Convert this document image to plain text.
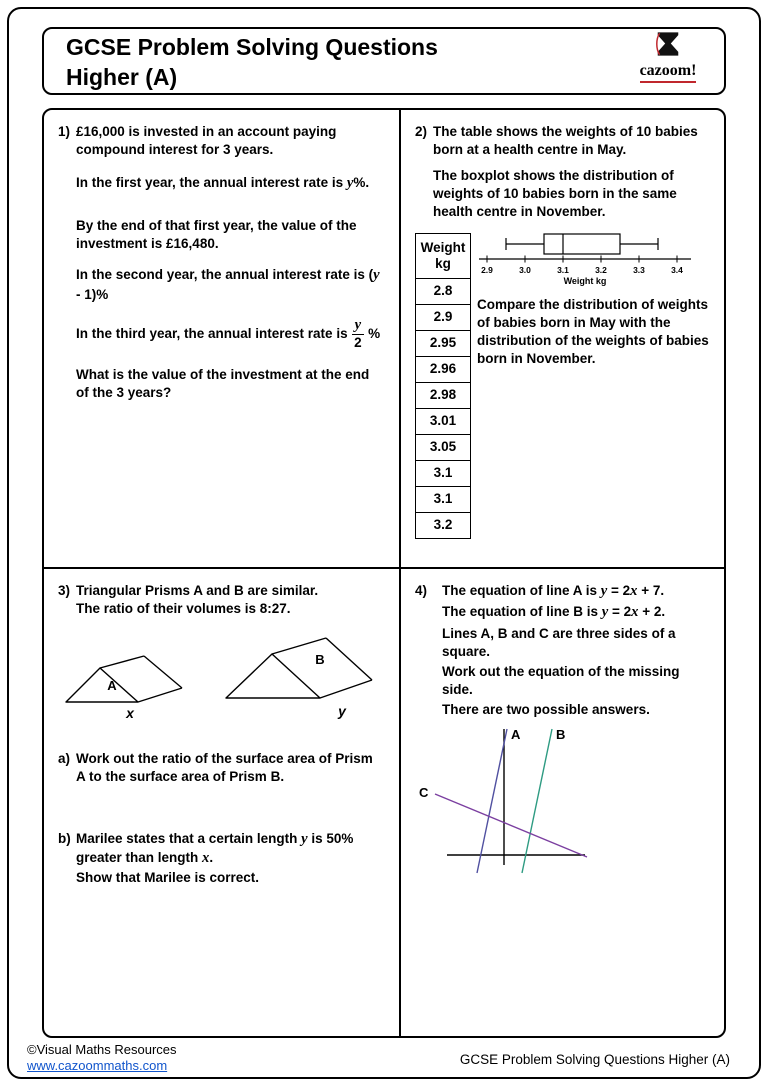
GCSE Problem Solving Questions
Higher (A)	cazoom!
1) £16,000 is invested in an account paying compound interest for 3 years.

In the first year, the annual interest rate is y%.

By the end of that first year, the value of the investment is £16,480.

In the second year, the annual interest rate is (y - 1)%

In the third year, the annual interest rate is $\frac{y}{2}$ %

What is the value of the investment at the end of the 3 years?

2) The table shows the weights of 10 babies born at a health centre in May.

The boxplot shows the distribution of weights of 10 babies born in the same health centre in November.

Weight kg
2.8
2.9
2.95
2.96
2.98
3.01
3.05
3.1
3.1
3.2
2.9	3.0	3.1	3.2	3.3	3.4
Weight kg

Compare the distribution of weights of babies born in May with the distribution of the weights of babies born in November.

3) Triangular Prisms A and B are similar.

The ratio of their volumes is 8:27.

A
x
B
y
a) Work out the ratio of the surface area of Prism A to the surface area of Prism B.

b) Marilee states that a certain length y is 50% greater than length x.

Show that Marilee is correct.

4)	The equation of line A is y = 2x + 7.

The equation of line B is y = 2x + 2.

Lines A, B and C are three sides of a square.

Work out the equation of the missing side.

There are two possible answers.

A	B
C
©Visual Maths Resources
www.cazoommaths.com	GCSE Problem Solving Questions Higher (A)
